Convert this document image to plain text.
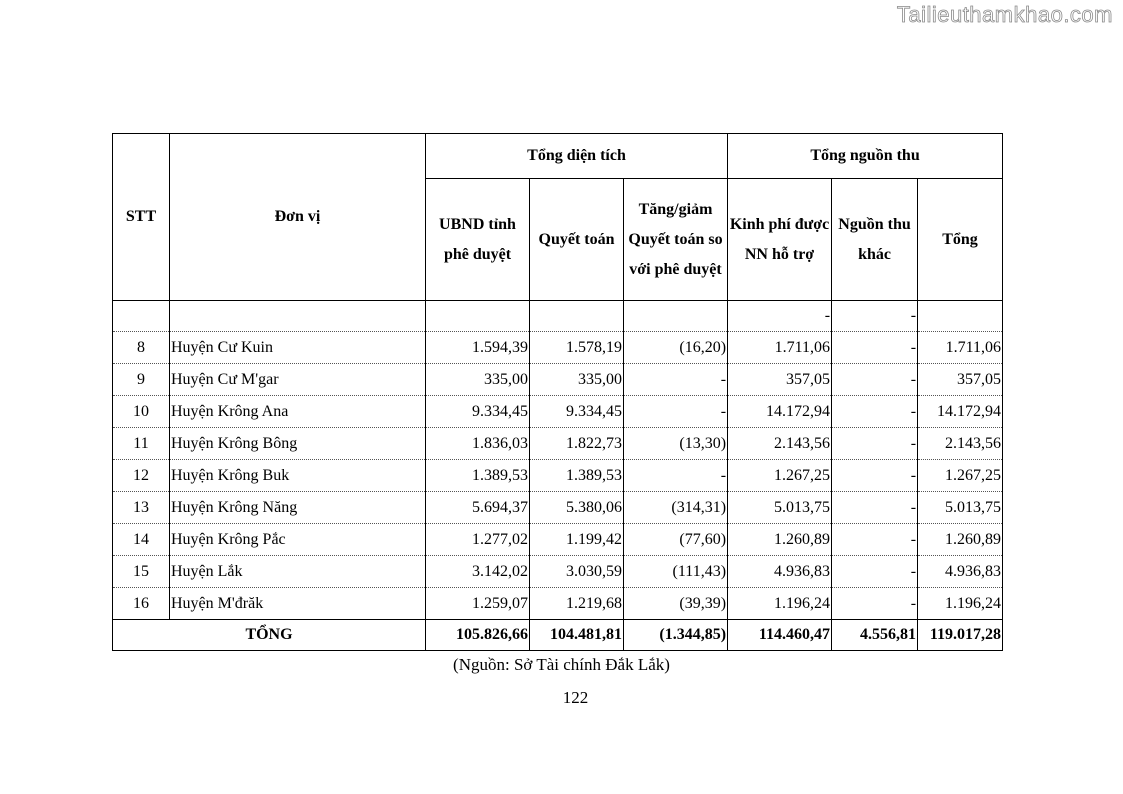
Tailieuthamkhao.com
STT	Đơn vị	Tổng diện tích			Tổng nguồn thu		
		UBND tỉnh phê duyệt	Quyết toán	Tăng/giảm Quyết toán so với phê duyệt	Kinh phí được NN hỗ trợ	Nguồn thu khác	Tổng
					-	-	
8	Huyện Cư Kuin	1.594,39	1.578,19	(16,20)	1.711,06	-	1.711,06
9	Huyện Cư M'gar	335,00	335,00	-	357,05	-	357,05
10	Huyện Krông Ana	9.334,45	9.334,45	-	14.172,94	-	14.172,94
11	Huyện Krông Bông	1.836,03	1.822,73	(13,30)	2.143,56	-	2.143,56
12	Huyện Krông Buk	1.389,53	1.389,53	-	1.267,25	-	1.267,25
13	Huyện Krông Năng	5.694,37	5.380,06	(314,31)	5.013,75	-	5.013,75
14	Huyện Krông Pắc	1.277,02	1.199,42	(77,60)	1.260,89	-	1.260,89
15	Huyện Lắk	3.142,02	3.030,59	(111,43)	4.936,83	-	4.936,83
16	Huyện M'đrăk	1.259,07	1.219,68	(39,39)	1.196,24	-	1.196,24
TỔNG		105.826,66	104.481,81	(1.344,85)	114.460,47	4.556,81	119.017,28
(Nguồn: Sở Tài chính Đắk Lắk)
122
